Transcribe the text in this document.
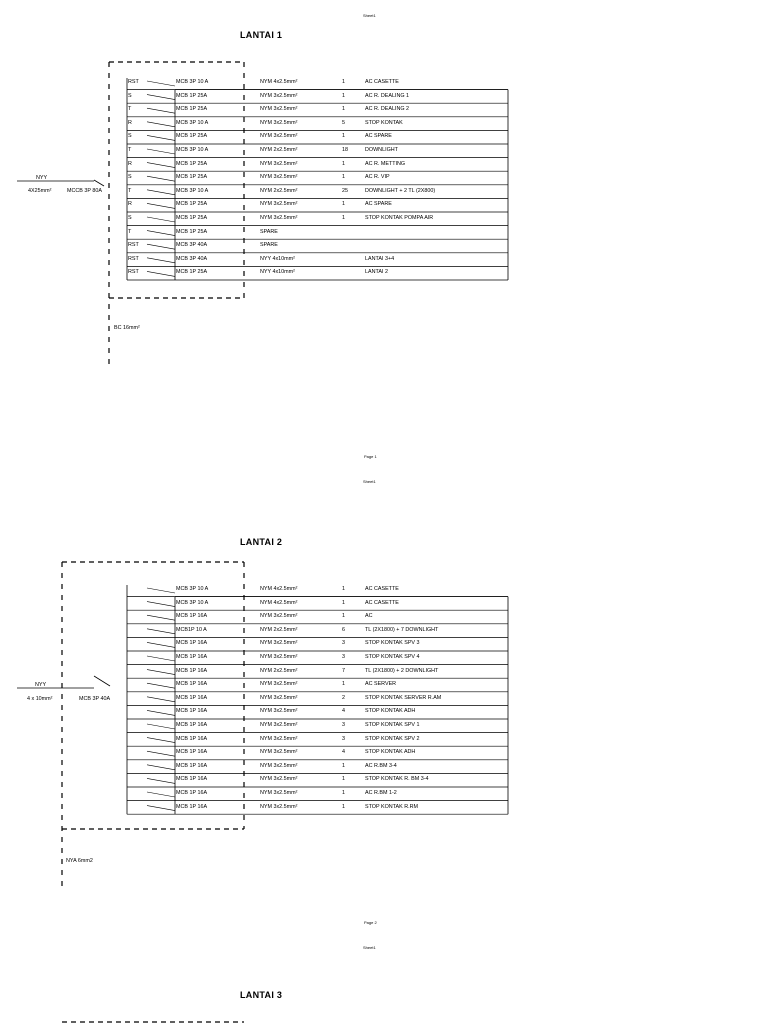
Sheet1
LANTAI 1
NYY
4X25mm²	MCCB 3P 80A
BC 16mm²
RST	MCB 3P 10 A	NYM 4x2.5mm²	1	AC CASETTE
S	MCB 1P 25A	NYM 3x2.5mm²	1	AC R. DEALING 1
T	MCB 1P 25A	NYM 3x2.5mm²	1	AC R. DEALING 2
R	MCB 3P 10 A	NYM 3x2.5mm²	5	STOP KONTAK
S	MCB 1P 25A	NYM 3x2.5mm²	1	AC SPARE
T	MCB 3P 10 A	NYM 2x2.5mm²	18	DOWNLIGHT
R	MCB 1P 25A	NYM 3x2.5mm²	1	AC R. METTING
S	MCB 1P 25A	NYM 3x2.5mm²	1	AC R. VIP
T	MCB 3P 10 A	NYM 2x2.5mm²	25	DOWNLIGHT + 2 TL (2X800)
R	MCB 1P 25A	NYM 3x2.5mm²	1	AC SPARE
S	MCB 1P 25A	NYM 3x2.5mm²	1	STOP KONTAK POMPA AIR
T	MCB 1P 25A	SPARE
RST	MCB 3P 40A	SPARE
RST	MCB 3P 40A	NYY 4x10mm²	LANTAI 3+4
RST	MCB 1P 25A	NYY 4x10mm²	LANTAI 2
Page 1
Sheet1
LANTAI 2
NYY
4 x 10mm²	MCB 3P 40A
NYA 6mm2
MCB 3P 10 A	NYM 4x2.5mm²	1	AC CASETTE
MCB 3P 10 A	NYM 4x2.5mm²	1	AC CASETTE
MCB 1P 16A	NYM 3x2.5mm²	1	AC
MCB1P 10 A	NYM 2x2.5mm²	6	TL (2X1800) + 7 DOWNLIGHT
MCB 1P 16A	NYM 3x2.5mm²	3	STOP KONTAK SPV 3
MCB 1P 16A	NYM 3x2.5mm²	3	STOP KONTAK SPV 4
MCB 1P 16A	NYM 2x2.5mm²	7	TL (2X1800) + 2 DOWNLIGHT
MCB 1P 16A	NYM 3x2.5mm²	1	AC SERVER
MCB 1P 16A	NYM 3x2.5mm²	2	STOP KONTAK SERVER R.AM
MCB 1P 16A	NYM 3x2.5mm²	4	STOP KONTAK ADH
MCB 1P 16A	NYM 3x2.5mm²	3	STOP KONTAK SPV 1
MCB 1P 16A	NYM 3x2.5mm²	3	STOP KONTAK SPV 2
MCB 1P 16A	NYM 3x2.5mm²	4	STOP KONTAK ADH
MCB 1P 16A	NYM 3x2.5mm²	1	AC R.BM 3-4
MCB 1P 16A	NYM 3x2.5mm²	1	STOP KONTAK R. BM 3-4
MCB 1P 16A	NYM 3x2.5mm²	1	AC R.BM 1-2
MCB 1P 16A	NYM 3x2.5mm²	1	STOP KONTAK R.RM
Page 2
Sheet1
LANTAI 3
